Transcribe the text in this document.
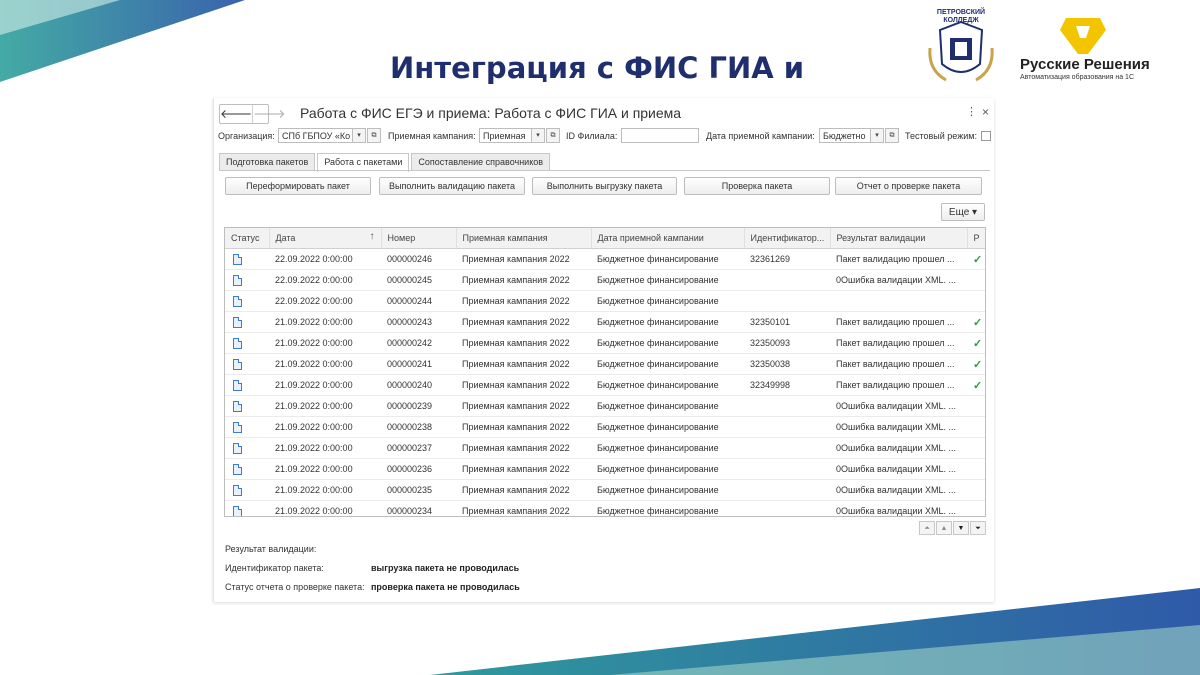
Интеграция с ФИС ГИА и
ПЕТРОВСКИЙ КОЛЛЕДЖ
Русские Решения
Автоматизация образования на 1С
🡐 🡒 Работа с ФИС ЕГЭ и приема: Работа с ФИС ГИА и приема	⋮ ×
Организация: СПб ГБПОУ «Ко	▾	⧉	Приемная кампания: Приемная	▾	⧉	ID Филиала:	Дата приемной кампании: Бюджетно	▾	⧉	Тестовый режим:
Подготовка пакетов	Работа с пакетами	Сопоставление справочников
Переформировать пакет	Выполнить валидацию пакета	Выполнить выгрузку пакета	Проверка пакета	Отчет о проверке пакета
Еще ▾
Статус	Дата ↑	Номер	Приемная кампания	Дата приемной кампании	Идентификатор...	Результат валидации	Р
	22.09.2022 0:00:00	000000246	Приемная кампания 2022	Бюджетное финансирование	32361269	Пакет валидацию прошел ...	✓
	22.09.2022 0:00:00	000000245	Приемная кампания 2022	Бюджетное финансирование		0Ошибка валидации XML. ...	
	22.09.2022 0:00:00	000000244	Приемная кампания 2022	Бюджетное финансирование			
	21.09.2022 0:00:00	000000243	Приемная кампания 2022	Бюджетное финансирование	32350101	Пакет валидацию прошел ...	✓
	21.09.2022 0:00:00	000000242	Приемная кампания 2022	Бюджетное финансирование	32350093	Пакет валидацию прошел ...	✓
	21.09.2022 0:00:00	000000241	Приемная кампания 2022	Бюджетное финансирование	32350038	Пакет валидацию прошел ...	✓
	21.09.2022 0:00:00	000000240	Приемная кампания 2022	Бюджетное финансирование	32349998	Пакет валидацию прошел ...	✓
	21.09.2022 0:00:00	000000239	Приемная кампания 2022	Бюджетное финансирование		0Ошибка валидации XML. ...	
	21.09.2022 0:00:00	000000238	Приемная кампания 2022	Бюджетное финансирование		0Ошибка валидации XML. ...	
	21.09.2022 0:00:00	000000237	Приемная кампания 2022	Бюджетное финансирование		0Ошибка валидации XML. ...	
	21.09.2022 0:00:00	000000236	Приемная кампания 2022	Бюджетное финансирование		0Ошибка валидации XML. ...	
	21.09.2022 0:00:00	000000235	Приемная кампания 2022	Бюджетное финансирование		0Ошибка валидации XML. ...	
	21.09.2022 0:00:00	000000234	Приемная кампания 2022	Бюджетное финансирование		0Ошибка валидации XML. ...	
⏶	▲	▼	⏷
Результат валидации:
Идентификатор пакета:	выгрузка пакета не проводилась
Статус отчета о проверке пакета: проверка пакета не проводилась
